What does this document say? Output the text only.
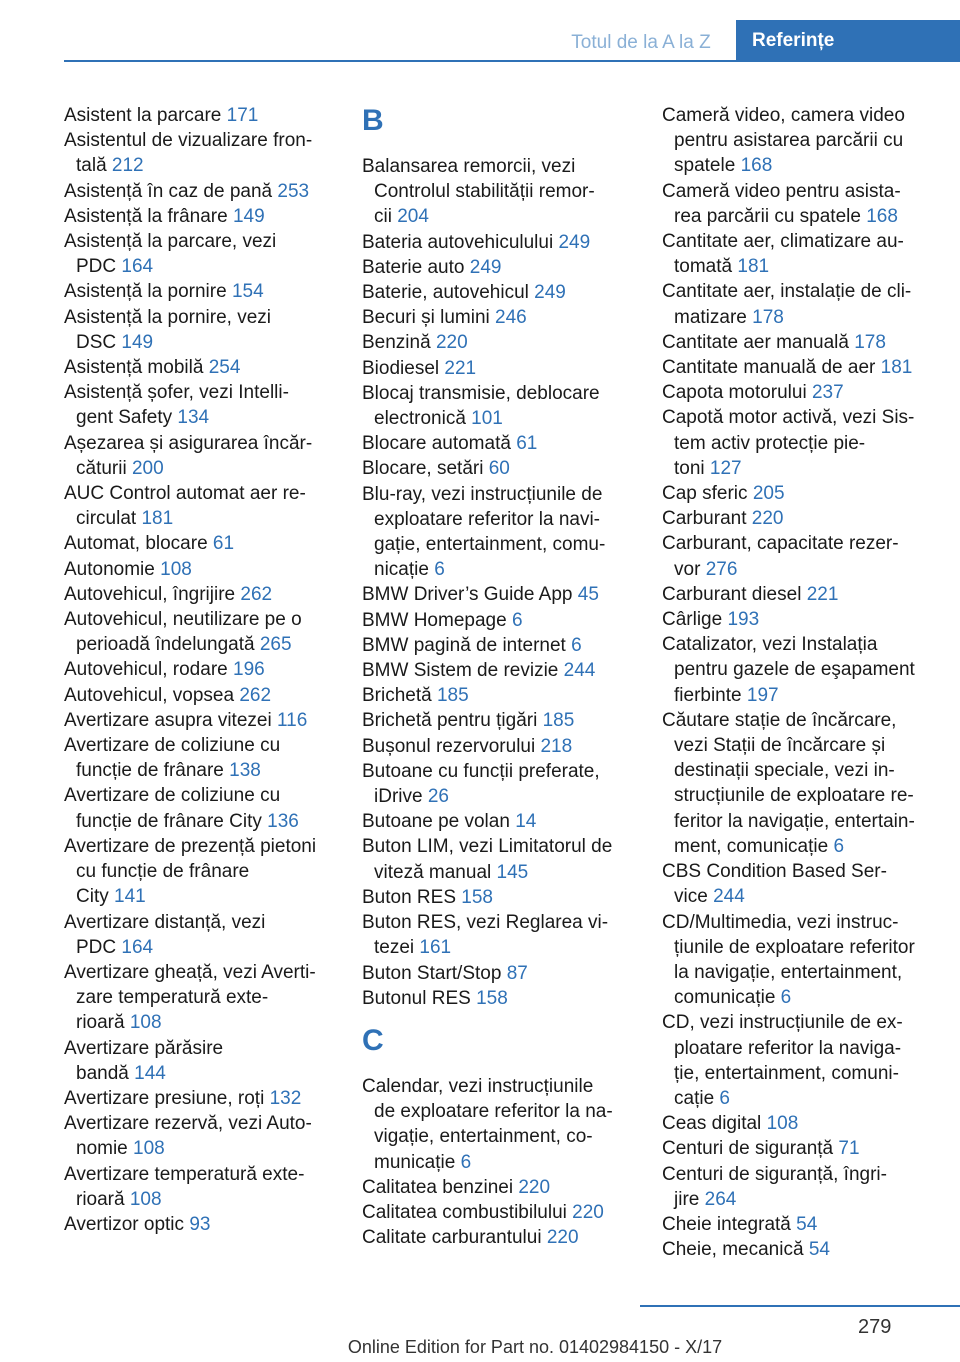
Totul de la A la Z	Referințe
Asistent la parcare 171
Asistentul de vizualizare fron-
tală 212
Asistență în caz de pană 253
Asistență la frânare 149
Asistență la parcare, vezi
PDC 164
Asistență la pornire 154
Asistență la pornire, vezi
DSC 149
Asistență mobilă 254
Asistență șofer, vezi Intelli-
gent Safety 134
Așezarea și asigurarea încăr-
căturii 200
AUC Control automat aer re-
circulat 181
Automat, blocare 61
Autonomie 108
Autovehicul, îngrijire 262
Autovehicul, neutilizare pe o
perioadă îndelungată 265
Autovehicul, rodare 196
Autovehicul, vopsea 262
Avertizare asupra vitezei 116
Avertizare de coliziune cu
funcție de frânare 138
Avertizare de coliziune cu
funcție de frânare City 136
Avertizare de prezență pietoni
cu funcție de frânare
City 141
Avertizare distanță, vezi
PDC 164
Avertizare gheață, vezi Averti-
zare temperatură exte-
rioară 108
Avertizare părăsire
bandă 144
Avertizare presiune, roți 132
Avertizare rezervă, vezi Auto-
nomie 108
Avertizare temperatură exte-
rioară 108
Avertizor optic 93
B
Balansarea remorcii, vezi
Controlul stabilității remor-
cii 204
Bateria autovehiculului 249
Baterie auto 249
Baterie, autovehicul 249
Becuri și lumini 246
Benzină 220
Biodiesel 221
Blocaj transmisie, deblocare
electronică 101
Blocare automată 61
Blocare, setări 60
Blu-ray, vezi instrucțiunile de
exploatare referitor la navi-
gație, entertainment, comu-
nicație 6
BMW Driver’s Guide App 45
BMW Homepage 6
BMW pagină de internet 6
BMW Sistem de revizie 244
Brichetă 185
Brichetă pentru țigări 185
Bușonul rezervorului 218
Butoane cu funcții preferate,
iDrive 26
Butoane pe volan 14
Buton LIM, vezi Limitatorul de
viteză manual 145
Buton RES 158
Buton RES, vezi Reglarea vi-
tezei 161
Buton Start/Stop 87
Butonul RES 158
C
Calendar, vezi instrucțiunile
de exploatare referitor la na-
vigație, entertainment, co-
municație 6
Calitatea benzinei 220
Calitatea combustibilului 220
Calitate carburantului 220
Cameră video, camera video
pentru asistarea parcării cu
spatele 168
Cameră video pentru asista-
rea parcării cu spatele 168
Cantitate aer, climatizare au-
tomată 181
Cantitate aer, instalație de cli-
matizare 178
Cantitate aer manuală 178
Cantitate manuală de aer 181
Capota motorului 237
Capotă motor activă, vezi Sis-
tem activ protecție pie-
toni 127
Cap sferic 205
Carburant 220
Carburant, capacitate rezer-
vor 276
Carburant diesel 221
Cârlige 193
Catalizator, vezi Instalația
pentru gazele de eşapament
fierbinte 197
Căutare stație de încărcare,
vezi Stații de încărcare și
destinații speciale, vezi in-
strucțiunile de exploatare re-
feritor la navigație, entertain-
ment, comunicație 6
CBS Condition Based Ser-
vice 244
CD/Multimedia, vezi instruc-
țiunile de exploatare referitor
la navigație, entertainment,
comunicație 6
CD, vezi instrucțiunile de ex-
ploatare referitor la naviga-
ție, entertainment, comuni-
cație 6
Ceas digital 108
Centuri de siguranță 71
Centuri de siguranță, îngri-
jire 264
Cheie integrată 54
Cheie, mecanică 54
279
Online Edition for Part no. 01402984150 - X/17
